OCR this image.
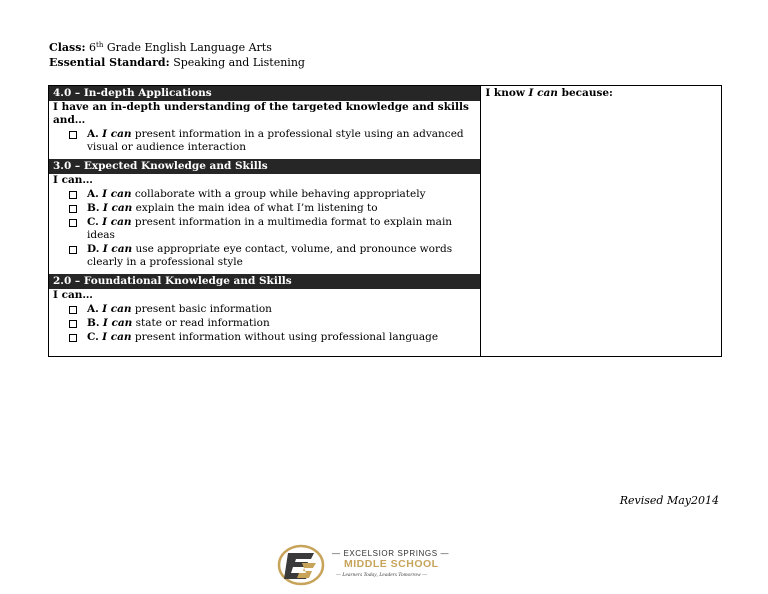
Class: 6th Grade English Language Arts
Essential Standard: Speaking and Listening
4.0 – In-depth Applications
I have an in-depth understanding of the targeted knowledge and skills and…
A. I can present information in a professional style using an advanced visual or audience interaction
3.0 – Expected Knowledge and Skills
I can…
A. I can collaborate with a group while behaving appropriately
B. I can explain the main idea of what I’m listening to
C. I can present information in a multimedia format to explain main ideas
D. I can use appropriate eye contact, volume, and pronounce words clearly in a professional style
2.0 – Foundational Knowledge and Skills
I can…
A. I can present basic information
B. I can state or read information
C. I can present information without using professional language

I know I can because:
Revised May2014
— EXCELSIOR SPRINGS —
MIDDLE SCHOOL
— Learners Today, Leaders Tomorrow —
